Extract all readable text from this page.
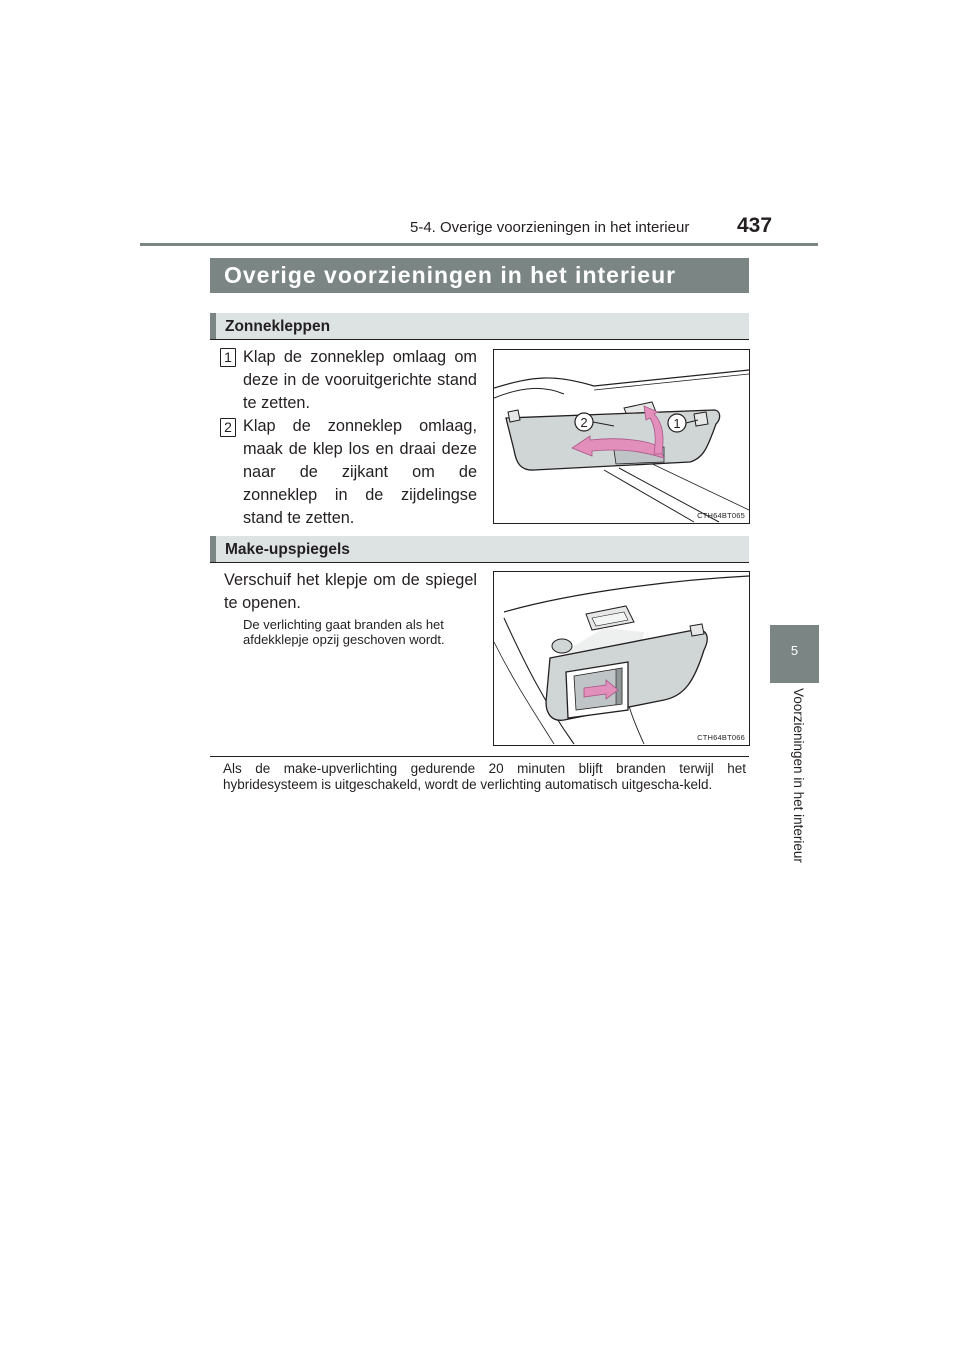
5-4. Overige voorzieningen in het interieur 437
5
Voorzieningen in het interieur
Overige voorzieningen in het interieur
Zonnekleppen
1 Klap de zonneklep omlaag om deze in de vooruitgerichte stand te zetten.
2 Klap de zonneklep omlaag, maak de klep los en draai deze naar de zijkant om de zonneklep in de zijdelingse stand te zetten.
2	1
CTH64BT065
Make-upspiegels
Verschuif het klepje om de spiegel te openen.
De verlichting gaat branden als het afdekklepje opzij geschoven wordt.
CTH64BT066
Als de make-upverlichting gedurende 20 minuten blijft branden terwijl het hybridesysteem is uitgeschakeld, wordt de verlichting automatisch uitgescha-keld.
